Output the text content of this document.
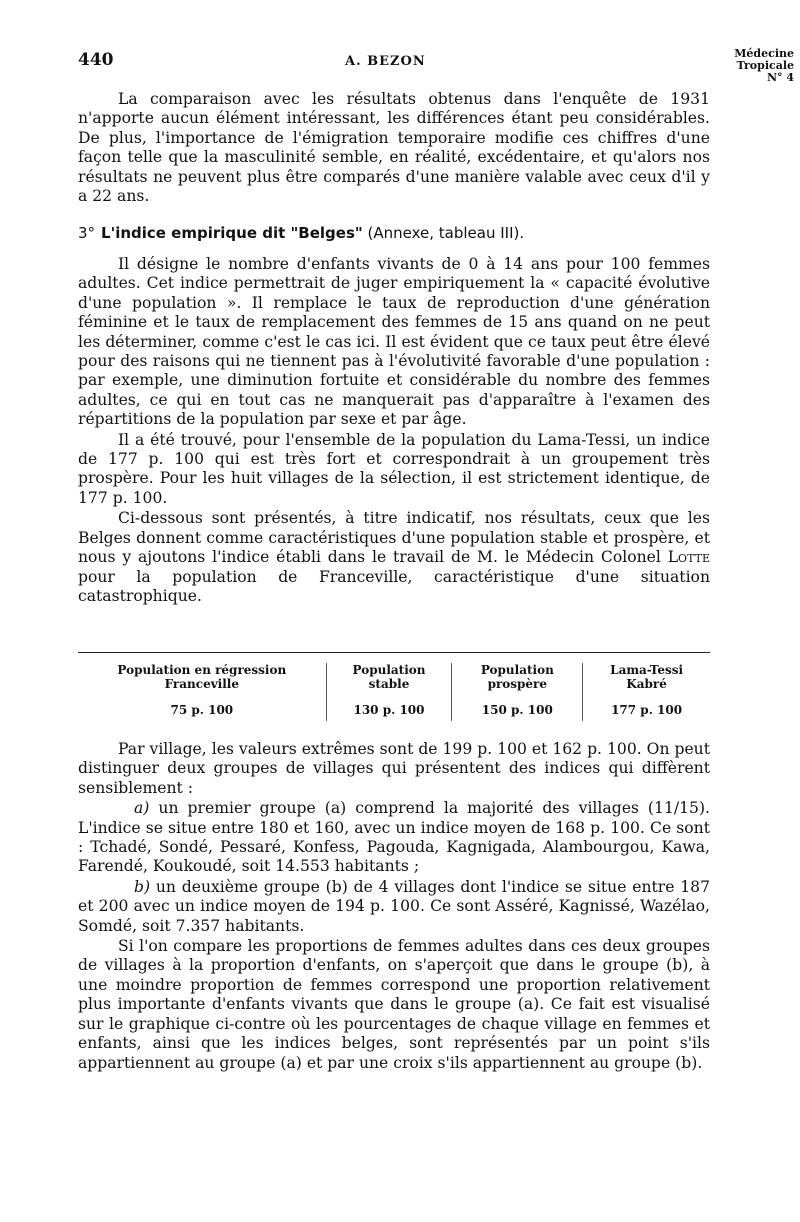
440	A. BEZON
Médecine
Tropicale
N° 4

La comparaison avec les résultats obtenus dans l'enquête de 1931 n'apporte aucun élément intéressant, les différences étant peu considérables. De plus, l'importance de l'émigration temporaire modifie ces chiffres d'une façon telle que la masculinité semble, en réalité, excédentaire, et qu'alors nos résultats ne peuvent plus être comparés d'une manière valable avec ceux d'il y a 22 ans.

3° L'indice empirique dit "Belges" (Annexe, tableau III).

Il désigne le nombre d'enfants vivants de 0 à 14 ans pour 100 femmes adultes. Cet indice permettrait de juger empiriquement la « capacité évolutive d'une population ». Il remplace le taux de reproduction d'une génération féminine et le taux de remplacement des femmes de 15 ans quand on ne peut les déterminer, comme c'est le cas ici. Il est évident que ce taux peut être élevé pour des raisons qui ne tiennent pas à l'évolutivité favorable d'une population : par exemple, une diminution fortuite et considérable du nombre des femmes adultes, ce qui en tout cas ne manquerait pas d'apparaître à l'examen des répartitions de la population par sexe et par âge.

Il a été trouvé, pour l'ensemble de la population du Lama-Tessi, un indice de 177 p. 100 qui est très fort et correspondrait à un groupement très prospère. Pour les huit villages de la sélection, il est strictement identique, de 177 p. 100.

Ci-dessous sont présentés, à titre indicatif, nos résultats, ceux que les Belges donnent comme caractéristiques d'une population stable et prospère, et nous y ajoutons l'indice établi dans le travail de M. le Médecin Colonel Lotte pour la population de Franceville, caractéristique d'une situation catastrophique.

Population en régression
Franceville
75 p. 100
Population
stable
130 p. 100
Population
prospère
150 p. 100
Lama-Tessi
Kabré
177 p. 100

Par village, les valeurs extrêmes sont de 199 p. 100 et 162 p. 100. On peut distinguer deux groupes de villages qui présentent des indices qui diffèrent sensiblement :

a) un premier groupe (a) comprend la majorité des villages (11/15). L'indice se situe entre 180 et 160, avec un indice moyen de 168 p. 100. Ce sont : Tchadé, Sondé, Pessaré, Konfess, Pagouda, Kagnigada, Alambourgou, Kawa, Farendé, Koukoudé, soit 14.553 habitants ;

b) un deuxième groupe (b) de 4 villages dont l'indice se situe entre 187 et 200 avec un indice moyen de 194 p. 100. Ce sont Asséré, Kagnissé, Wazélao, Somdé, soit 7.357 habitants.

Si l'on compare les proportions de femmes adultes dans ces deux groupes de villages à la proportion d'enfants, on s'aperçoit que dans le groupe (b), à une moindre proportion de femmes correspond une proportion relativement plus importante d'enfants vivants que dans le groupe (a). Ce fait est visualisé sur le graphique ci-contre où les pourcentages de chaque village en femmes et enfants, ainsi que les indices belges, sont représentés par un point s'ils appartiennent au groupe (a) et par une croix s'ils appartiennent au groupe (b).
